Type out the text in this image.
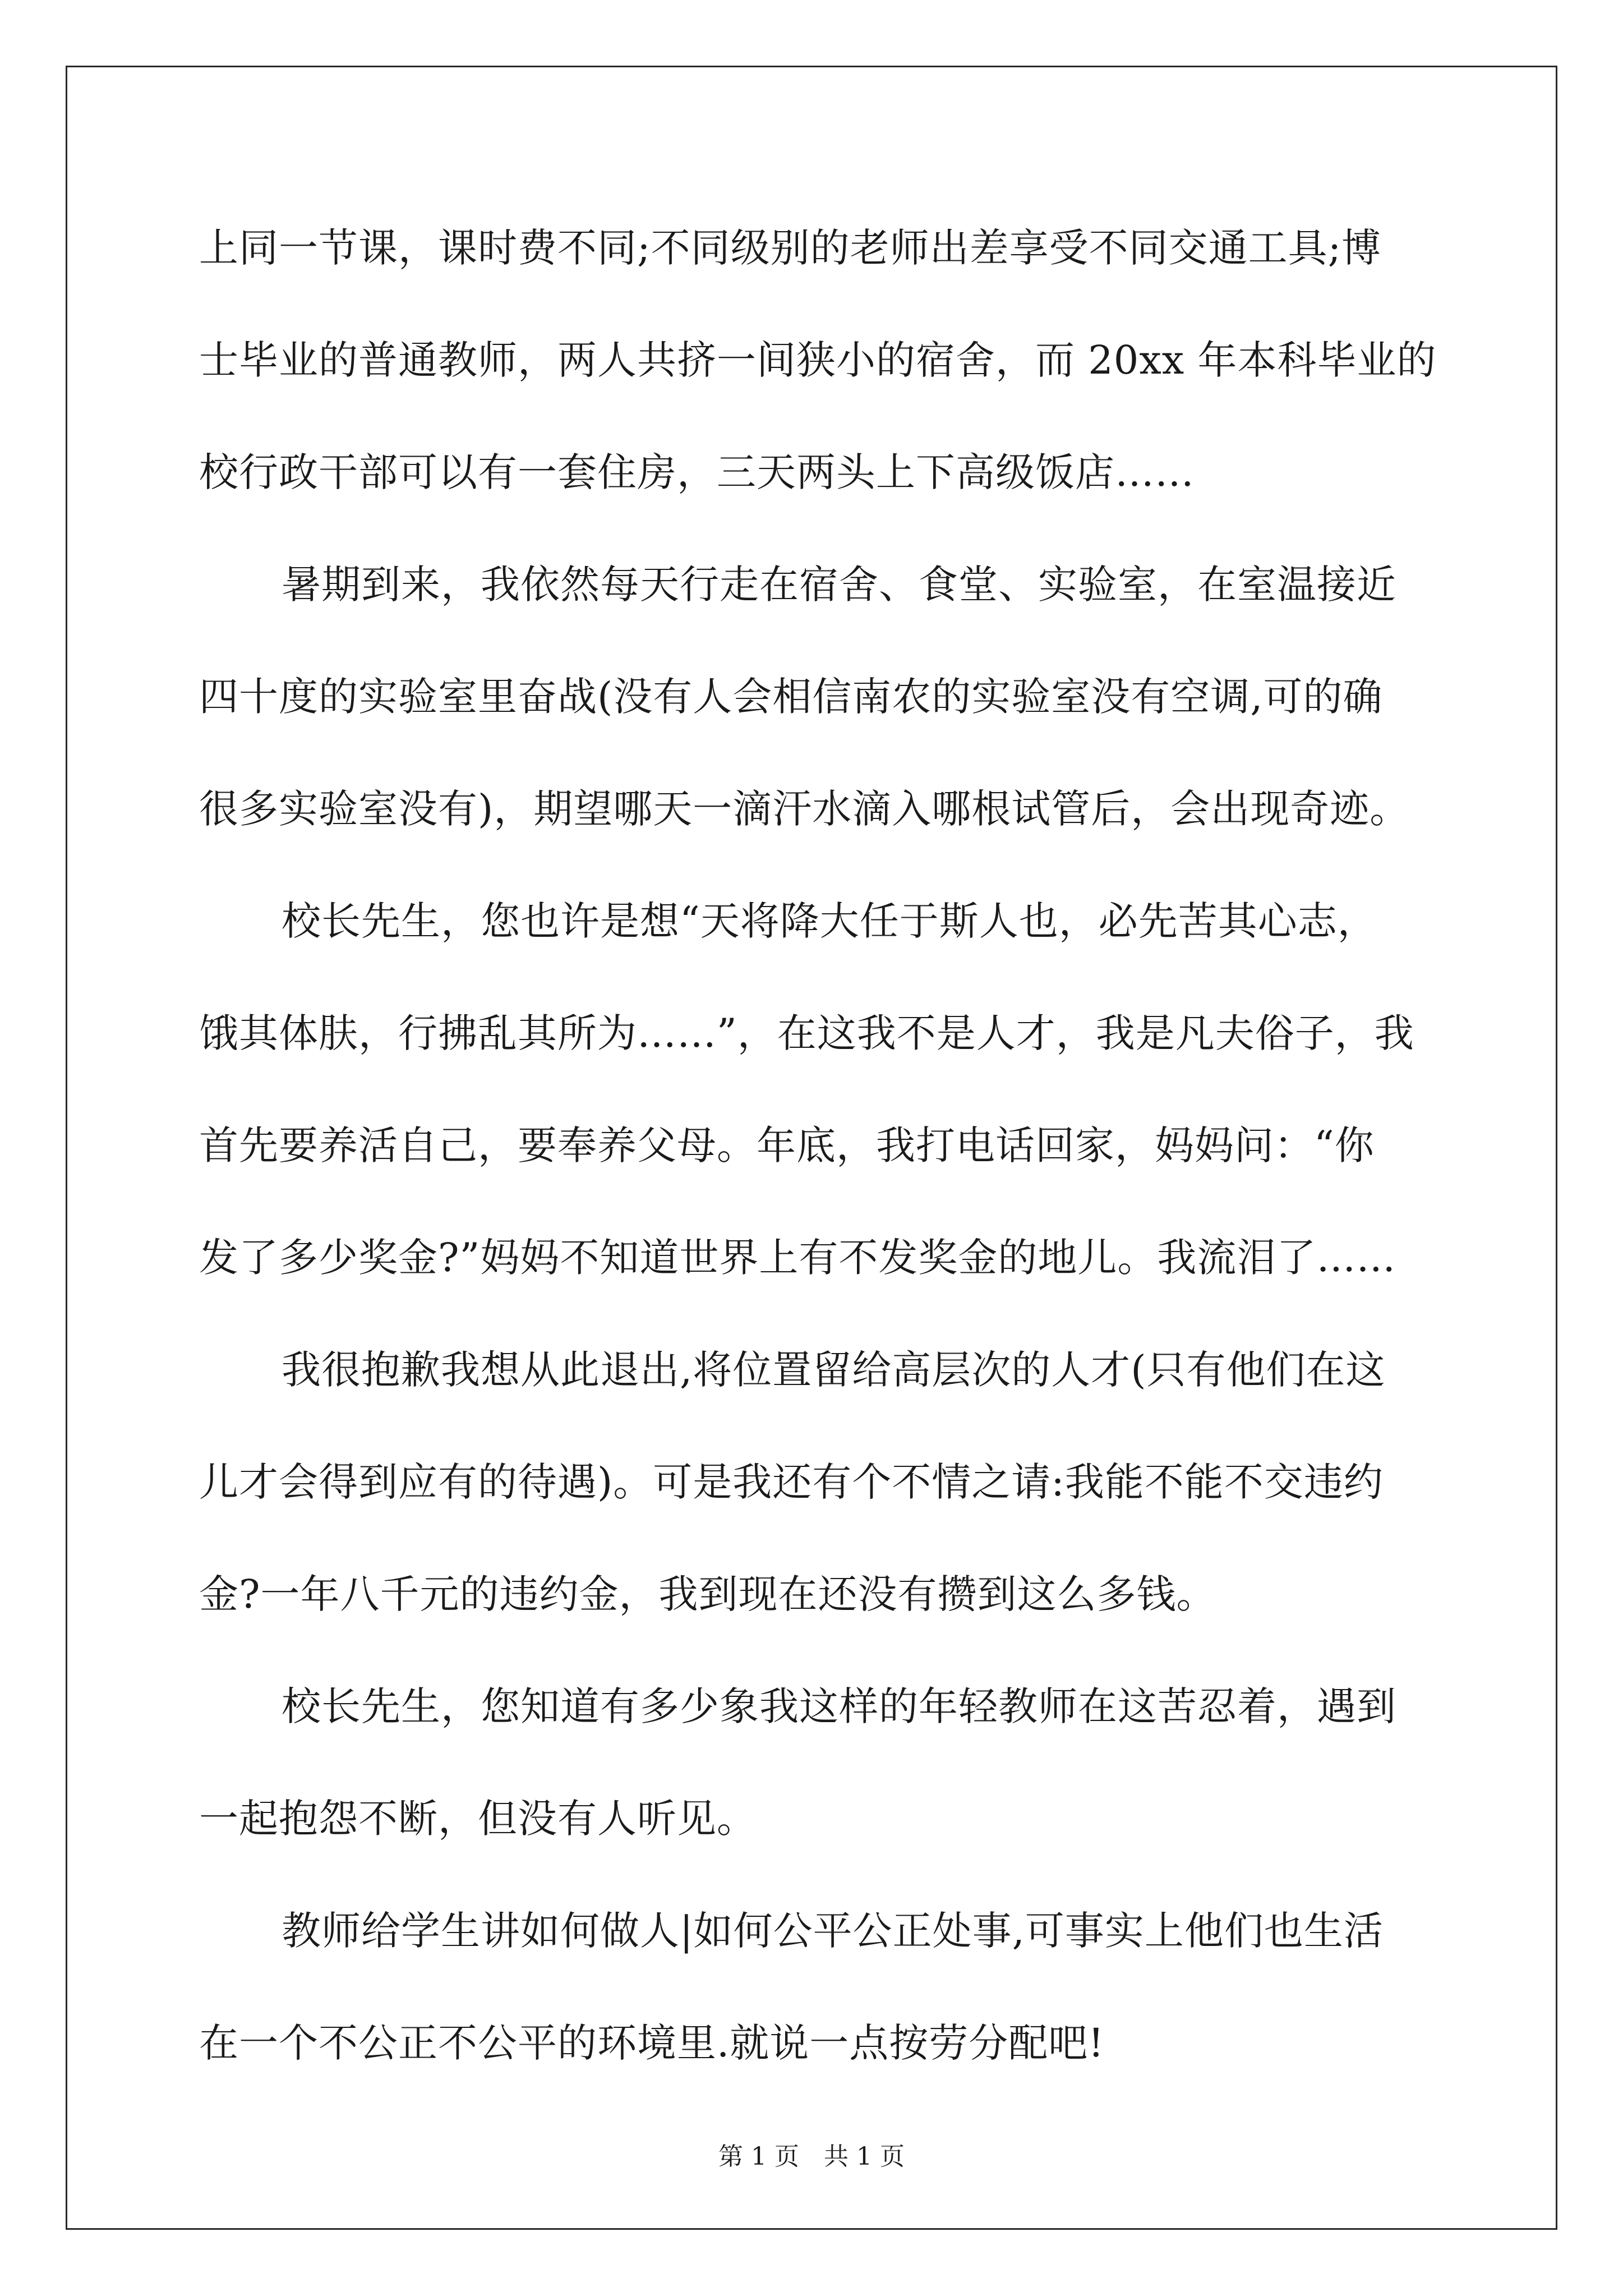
上同一节课，课时费不同;不同级别的老师出差享受不同交通工具;博
士毕业的普通教师，两人共挤一间狭小的宿舍，而 20xx 年本科毕业的
校行政干部可以有一套住房，三天两头上下高级饭店……
暑期到来，我依然每天行走在宿舍、食堂、实验室，在室温接近
四十度的实验室里奋战(没有人会相信南农的实验室没有空调,可的确
很多实验室没有)，期望哪天一滴汗水滴入哪根试管后，会出现奇迹。
校长先生，您也许是想“天将降大任于斯人也，必先苦其心志，
饿其体肤，行拂乱其所为……”，在这我不是人才，我是凡夫俗子，我
首先要养活自己，要奉养父母。年底，我打电话回家，妈妈问：“你
发了多少奖金?”妈妈不知道世界上有不发奖金的地儿。我流泪了……
我很抱歉我想从此退出,将位置留给高层次的人才(只有他们在这
儿才会得到应有的待遇)。可是我还有个不情之请:我能不能不交违约
金?一年八千元的违约金，我到现在还没有攒到这么多钱。
校长先生，您知道有多少象我这样的年轻教师在这苦忍着，遇到
一起抱怨不断，但没有人听见。
教师给学生讲如何做人|如何公平公正处事,可事实上他们也生活
在一个不公正不公平的环境里.就说一点按劳分配吧!
第 1 页　共 1 页
